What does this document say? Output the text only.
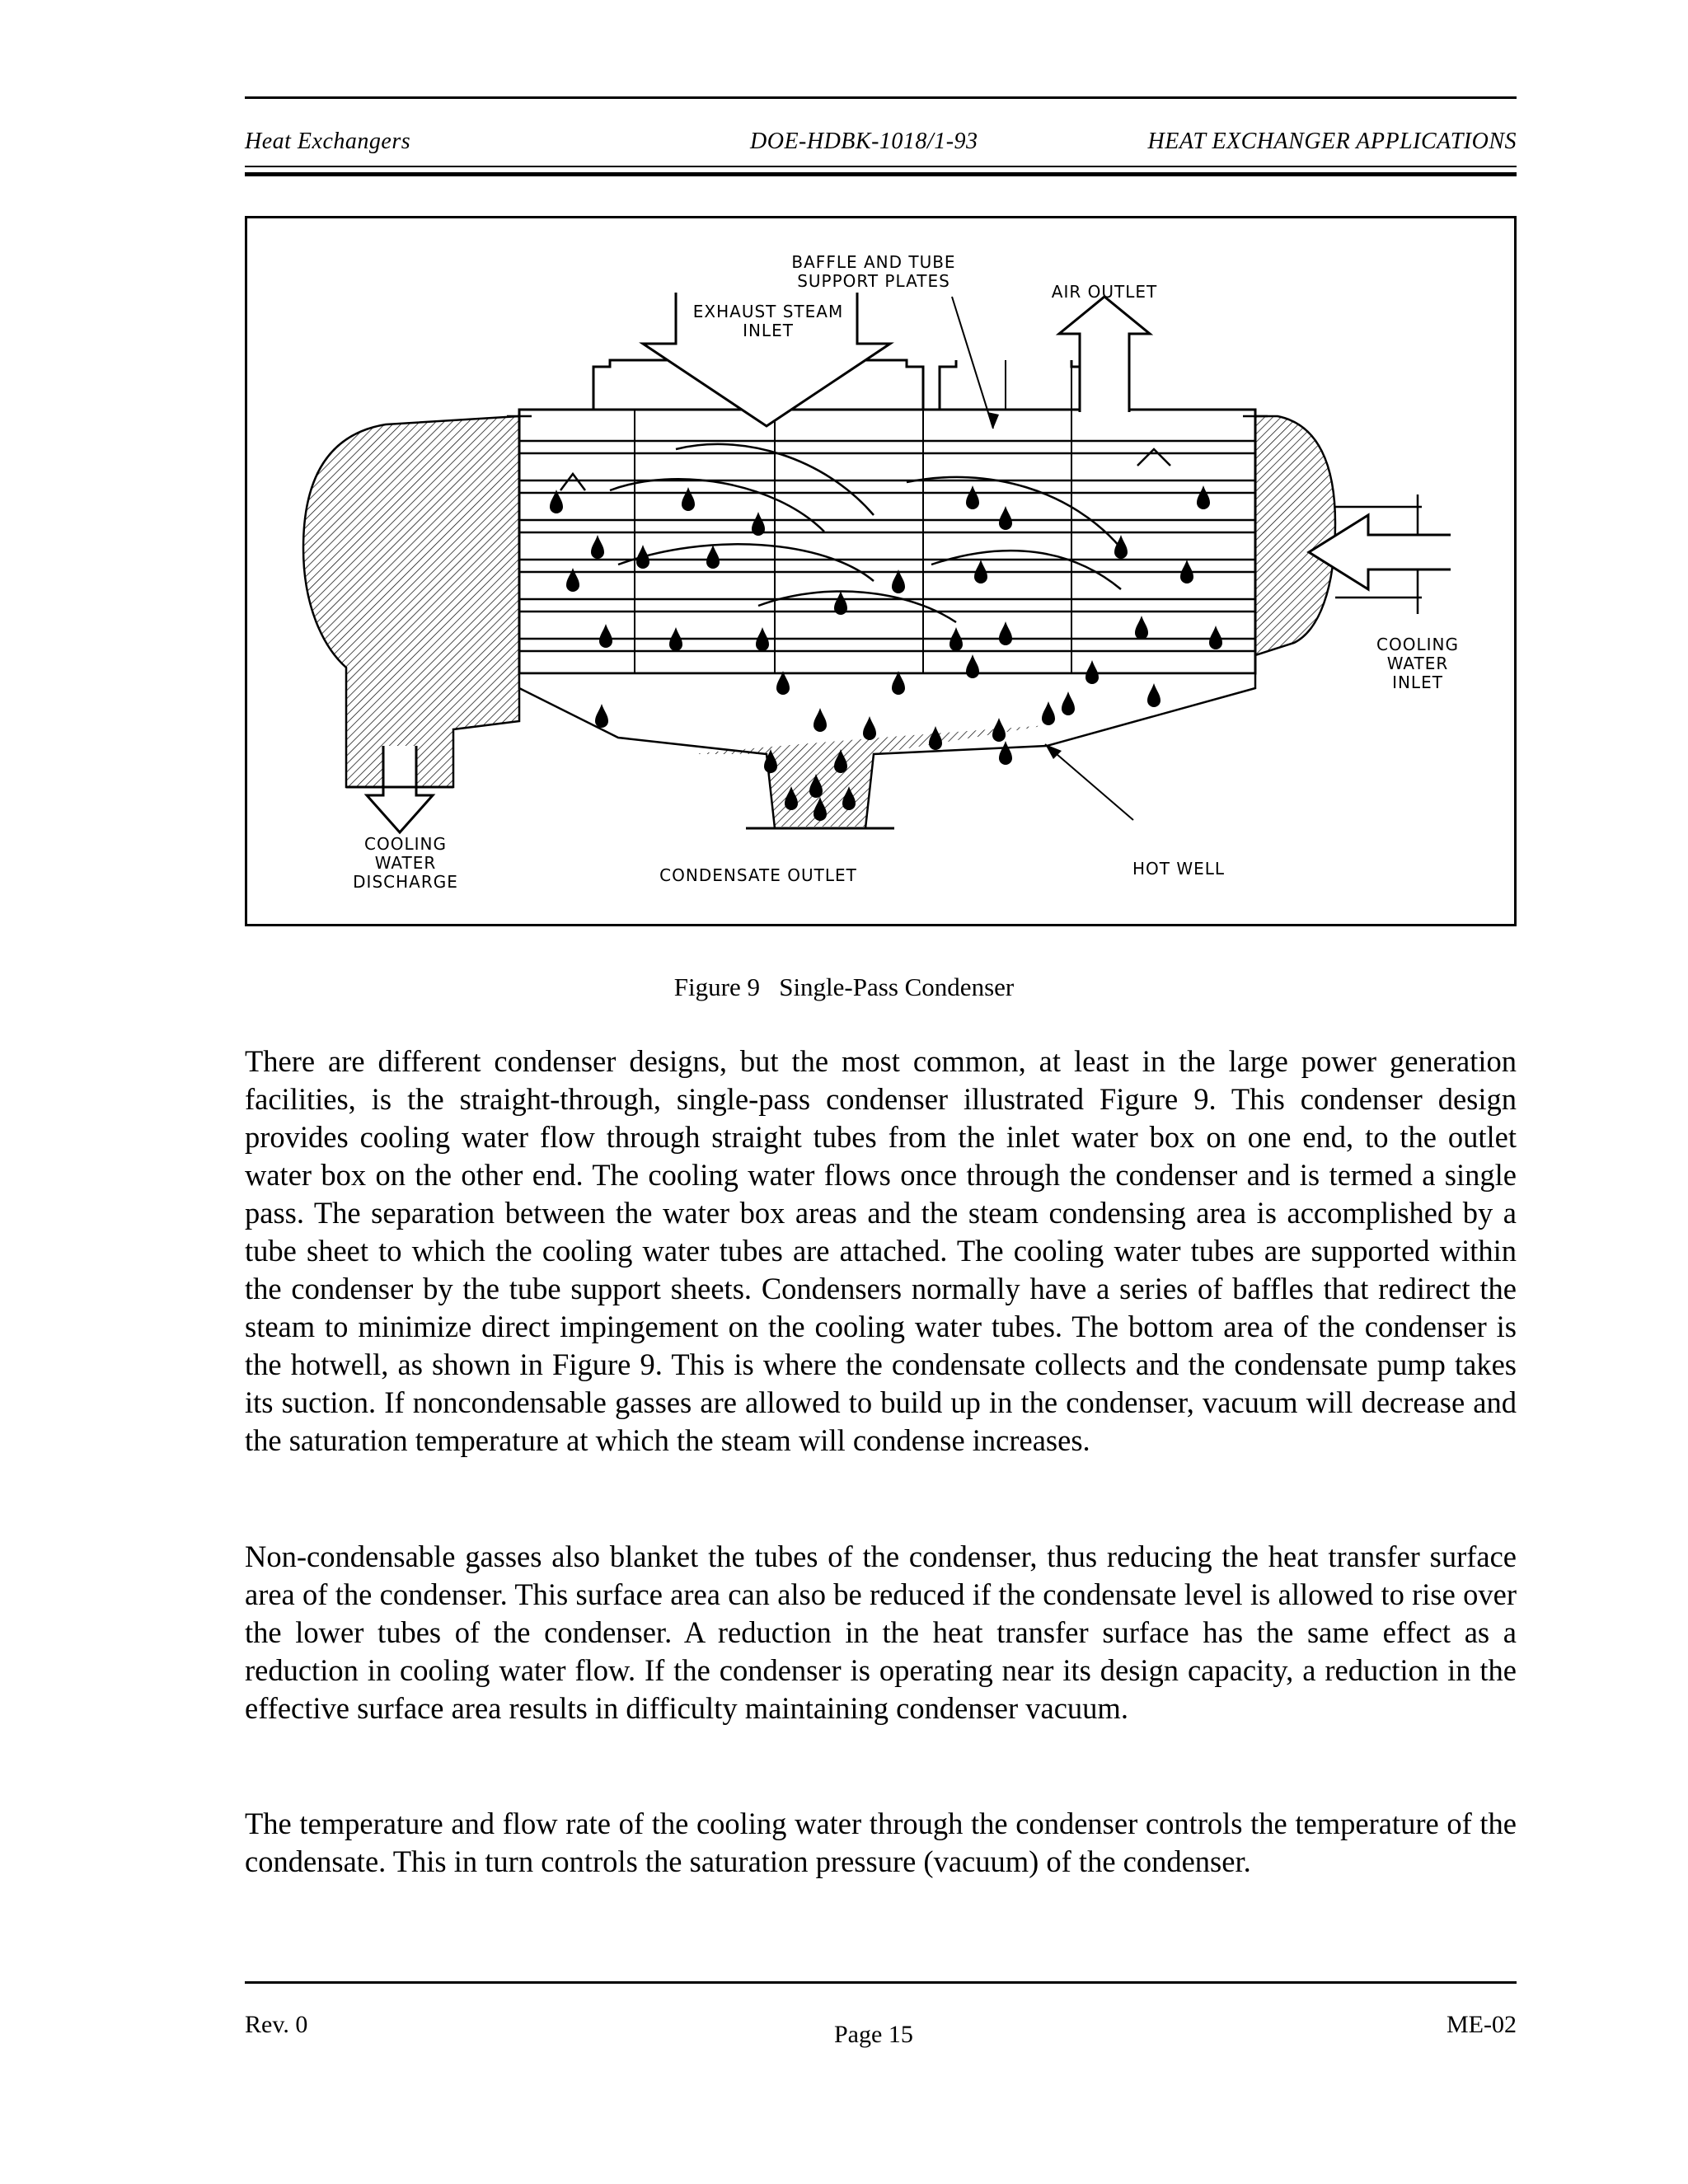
Heat Exchangers	DOE-HDBK-1018/1-93	HEAT EXCHANGER APPLICATIONS
BAFFLE AND TUBE
SUPPORT PLATES
AIR OUTLET
EXHAUST STEAM
INLET
COOLING
WATER
INLET
COOLING
WATER
DISCHARGE	CONDENSATE OUTLET	HOT WELL
Figure 9   Single-Pass Condenser

There are different condenser designs, but the most common, at least in the large power generation facilities, is the straight-through, single-pass condenser illustrated Figure 9. This condenser design provides cooling water flow through straight tubes from the inlet water box on one end, to the outlet water box on the other end. The cooling water flows once through the condenser and is termed a single pass. The separation between the water box areas and the steam condensing area is accomplished by a tube sheet to which the cooling water tubes are attached. The cooling water tubes are supported within the condenser by the tube support sheets. Condensers normally have a series of baffles that redirect the steam to minimize direct impingement on the cooling water tubes. The bottom area of the condenser is the hotwell, as shown in Figure 9. This is where the condensate collects and the condensate pump takes its suction. If noncondensable gasses are allowed to build up in the condenser, vacuum will decrease and the saturation temperature at which the steam will condense increases.

Non-condensable gasses also blanket the tubes of the condenser, thus reducing the heat transfer surface area of the condenser. This surface area can also be reduced if the condensate level is allowed to rise over the lower tubes of the condenser. A reduction in the heat transfer surface has the same effect as a reduction in cooling water flow. If the condenser is operating near its design capacity, a reduction in the effective surface area results in difficulty maintaining condenser vacuum.

The temperature and flow rate of the cooling water through the condenser controls the temperature of the condensate. This in turn controls the saturation pressure (vacuum) of the condenser.

Rev. 0	Page 15	ME-02
